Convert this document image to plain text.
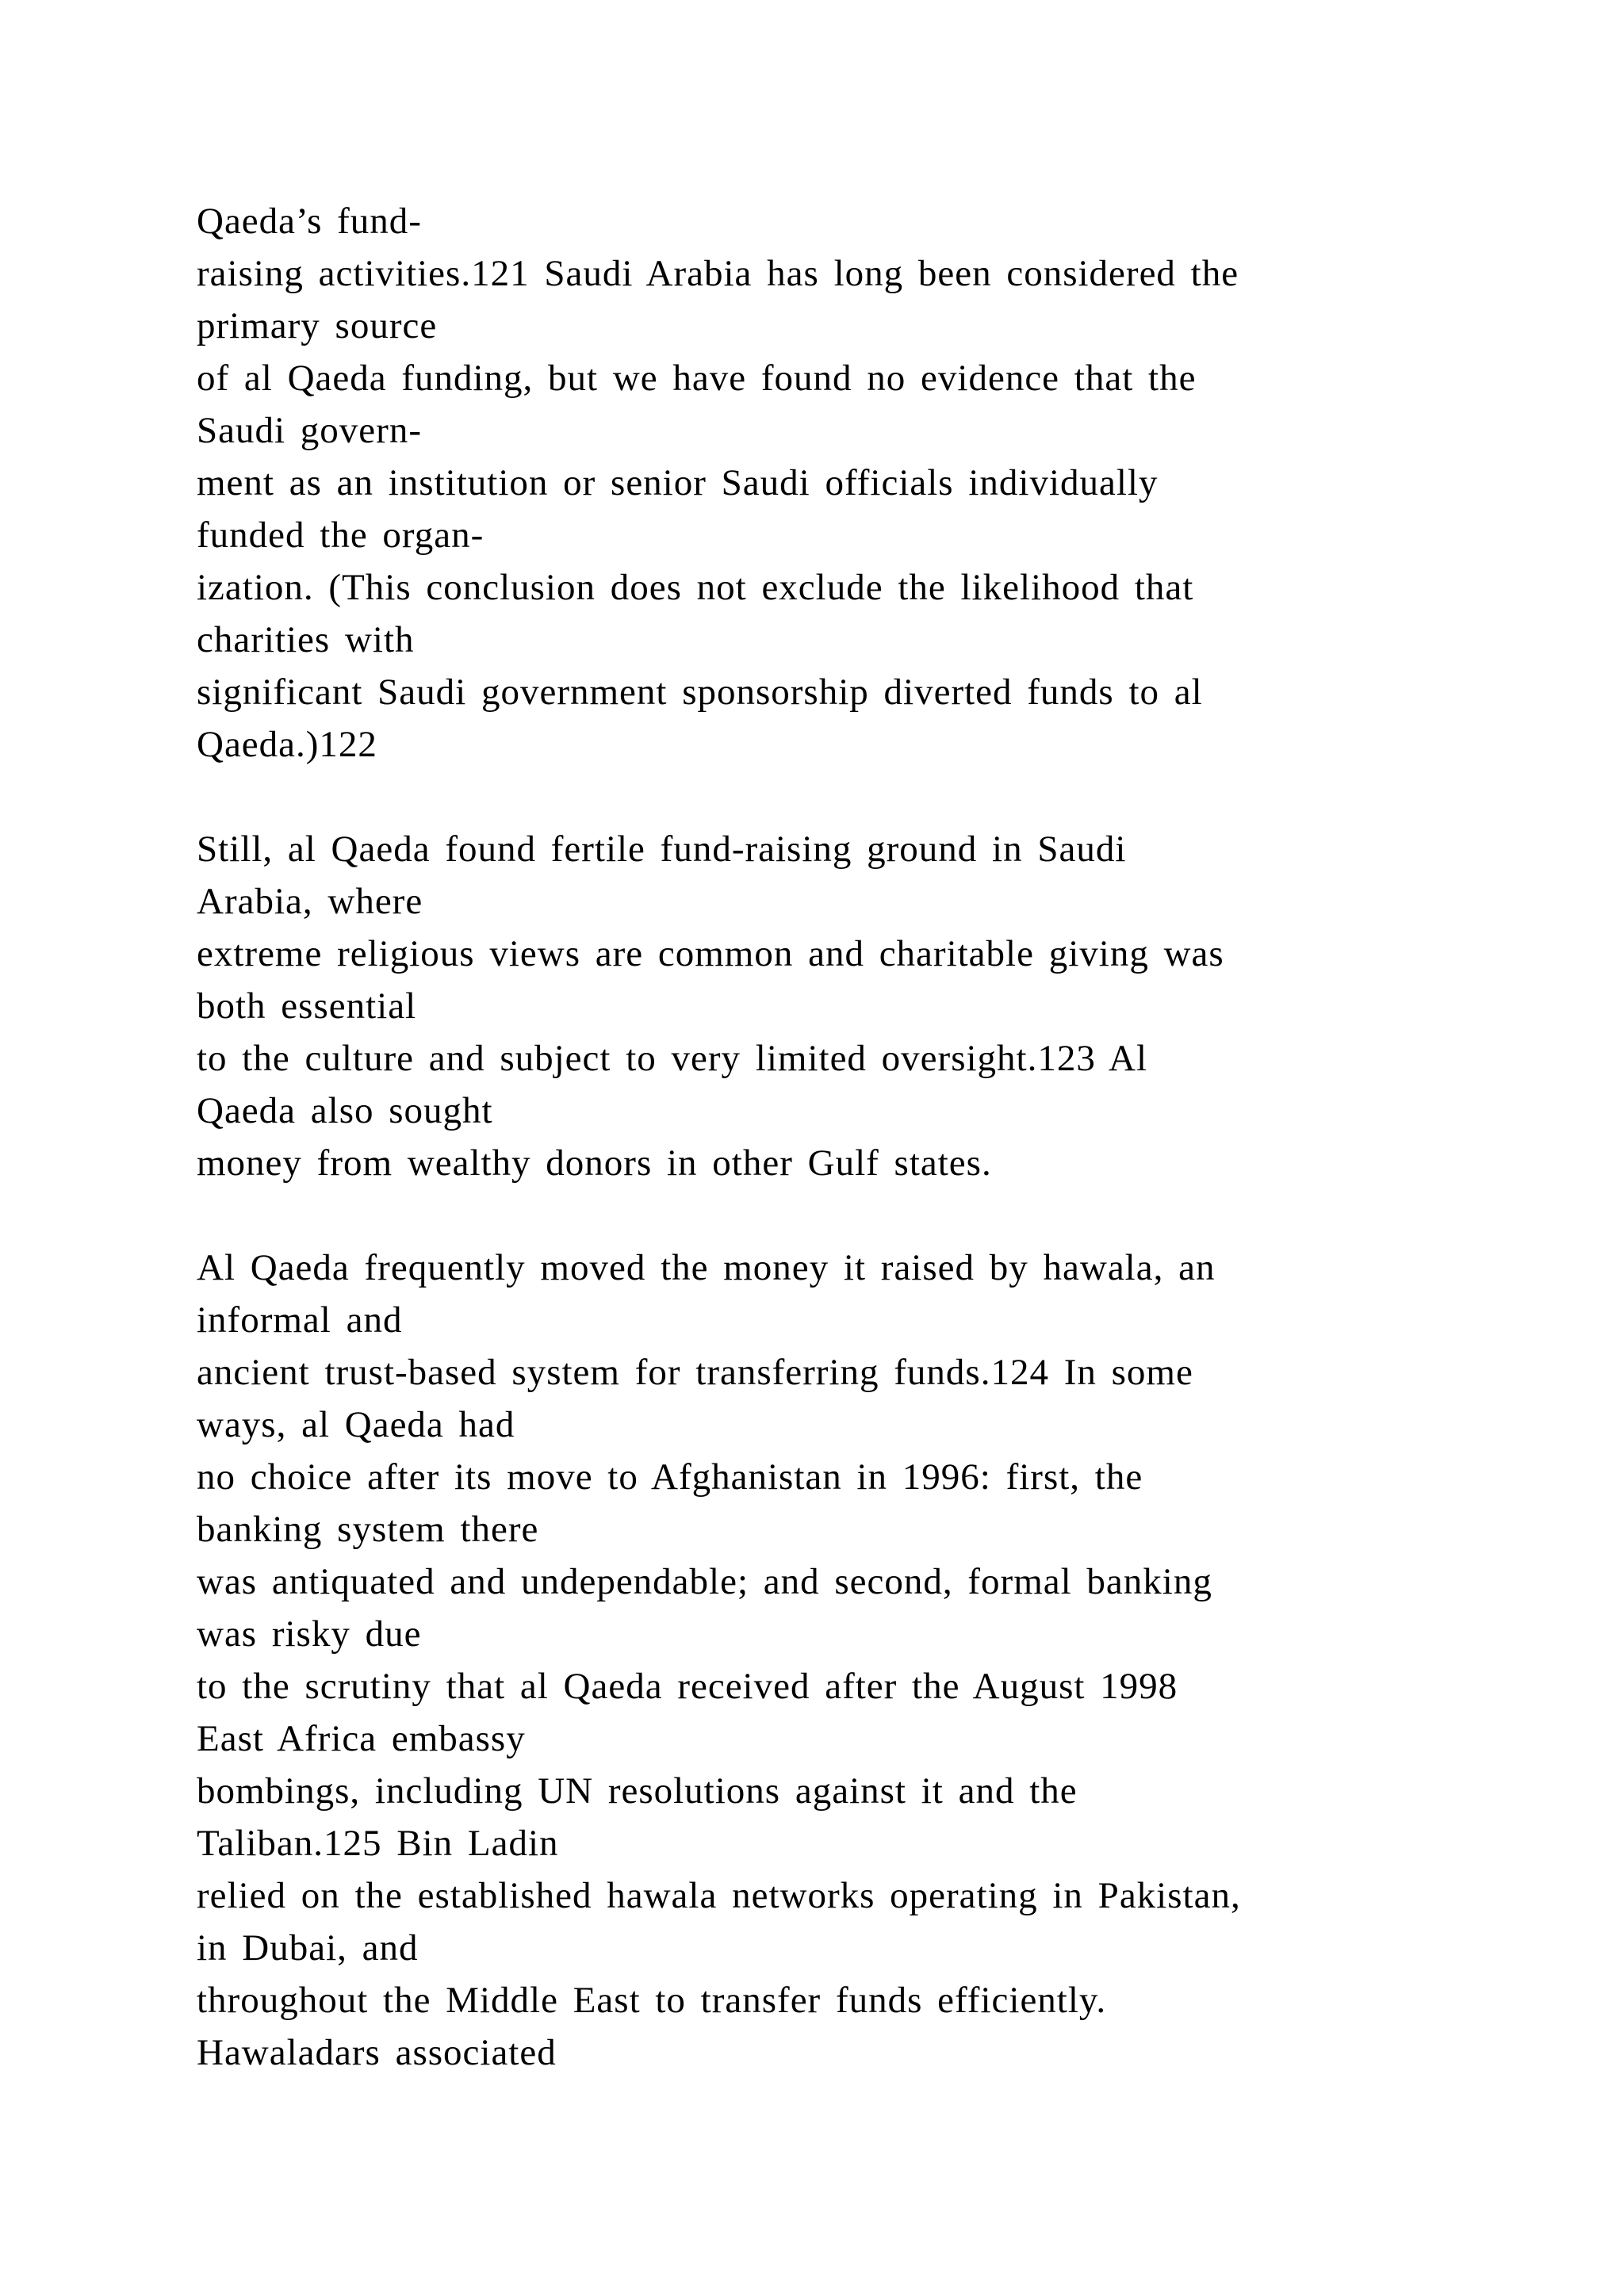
Qaeda’s fund-
raising activities.121 Saudi Arabia has long been considered the
primary source
of al Qaeda funding, but we have found no evidence that the
Saudi govern-
ment as an institution or senior Saudi officials individually
funded the organ-
ization. (This conclusion does not exclude the likelihood that
charities with
significant Saudi government sponsorship diverted funds to al
Qaeda.)122
Still, al Qaeda found fertile fund-raising ground in Saudi
Arabia, where
extreme religious views are common and charitable giving was
both essential
to the culture and subject to very limited oversight.123 Al
Qaeda also sought
money from wealthy donors in other Gulf states.
Al Qaeda frequently moved the money it raised by hawala, an
informal and
ancient trust-based system for transferring funds.124 In some
ways, al Qaeda had
no choice after its move to Afghanistan in 1996: first, the
banking system there
was antiquated and undependable; and second, formal banking
was risky due
to the scrutiny that al Qaeda received after the August 1998
East Africa embassy
bombings, including UN resolutions against it and the
Taliban.125 Bin Ladin
relied on the established hawala networks operating in Pakistan,
in Dubai, and
throughout the Middle East to transfer funds efficiently.
Hawaladars associated
